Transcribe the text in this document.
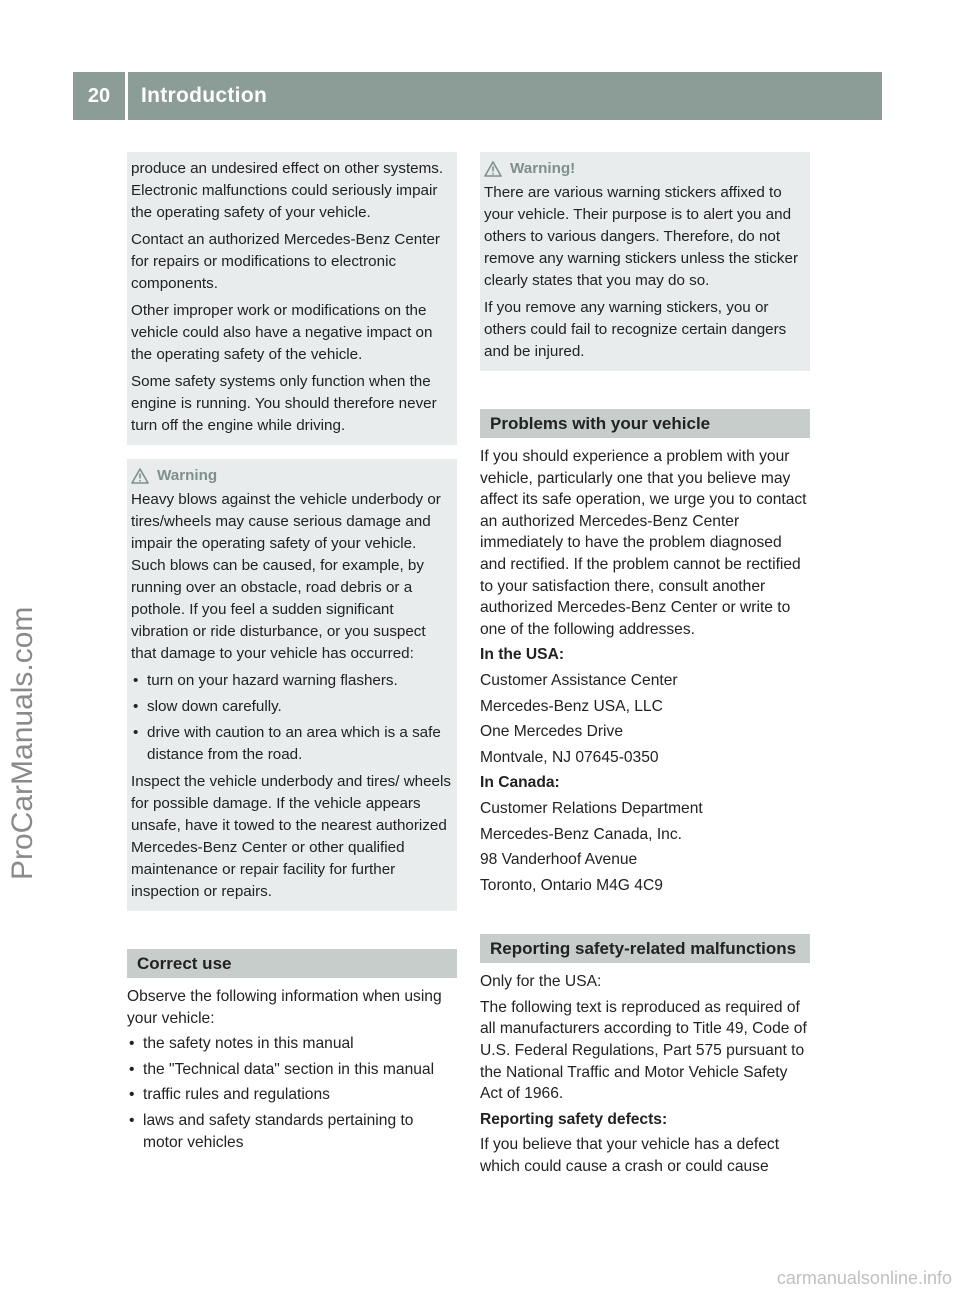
20	Introduction
ProCarManuals.com
carmanualsonline.info

produce an undesired effect on other systems. Electronic malfunctions could seriously impair the operating safety of your vehicle.

Contact an authorized Mercedes-Benz Center for repairs or modifications to electronic components.

Other improper work or modifications on the vehicle could also have a negative impact on the operating safety of the vehicle.

Some safety systems only function when the engine is running. You should therefore never turn off the engine while driving.

Warning

Heavy blows against the vehicle underbody or tires/wheels may cause serious damage and impair the operating safety of your vehicle. Such blows can be caused, for example, by running over an obstacle, road debris or a pothole. If you feel a sudden significant vibration or ride disturbance, or you suspect that damage to your vehicle has occurred:

• turn on your hazard warning flashers.
• slow down carefully.
• drive with caution to an area which is a safe distance from the road.

Inspect the vehicle underbody and tires/ wheels for possible damage. If the vehicle appears unsafe, have it towed to the nearest authorized Mercedes-Benz Center or other qualified maintenance or repair facility for further inspection or repairs.

Correct use

Observe the following information when using your vehicle:

• the safety notes in this manual
• the "Technical data" section in this manual
• traffic rules and regulations
• laws and safety standards pertaining to motor vehicles
Warning!

There are various warning stickers affixed to your vehicle. Their purpose is to alert you and others to various dangers. Therefore, do not remove any warning stickers unless the sticker clearly states that you may do so.

If you remove any warning stickers, you or others could fail to recognize certain dangers and be injured.

Problems with your vehicle

If you should experience a problem with your vehicle, particularly one that you believe may affect its safe operation, we urge you to contact an authorized Mercedes-Benz Center immediately to have the problem diagnosed and rectified. If the problem cannot be rectified to your satisfaction there, consult another authorized Mercedes-Benz Center or write to one of the following addresses.

In the USA:

Customer Assistance Center

Mercedes-Benz USA, LLC

One Mercedes Drive

Montvale, NJ 07645-0350

In Canada:

Customer Relations Department

Mercedes-Benz Canada, Inc.

98 Vanderhoof Avenue

Toronto, Ontario M4G 4C9

Reporting safety-related malfunctions

Only for the USA:

The following text is reproduced as required of all manufacturers according to Title 49, Code of U.S. Federal Regulations, Part 575 pursuant to the National Traffic and Motor Vehicle Safety Act of 1966.

Reporting safety defects:

If you believe that your vehicle has a defect which could cause a crash or could cause
